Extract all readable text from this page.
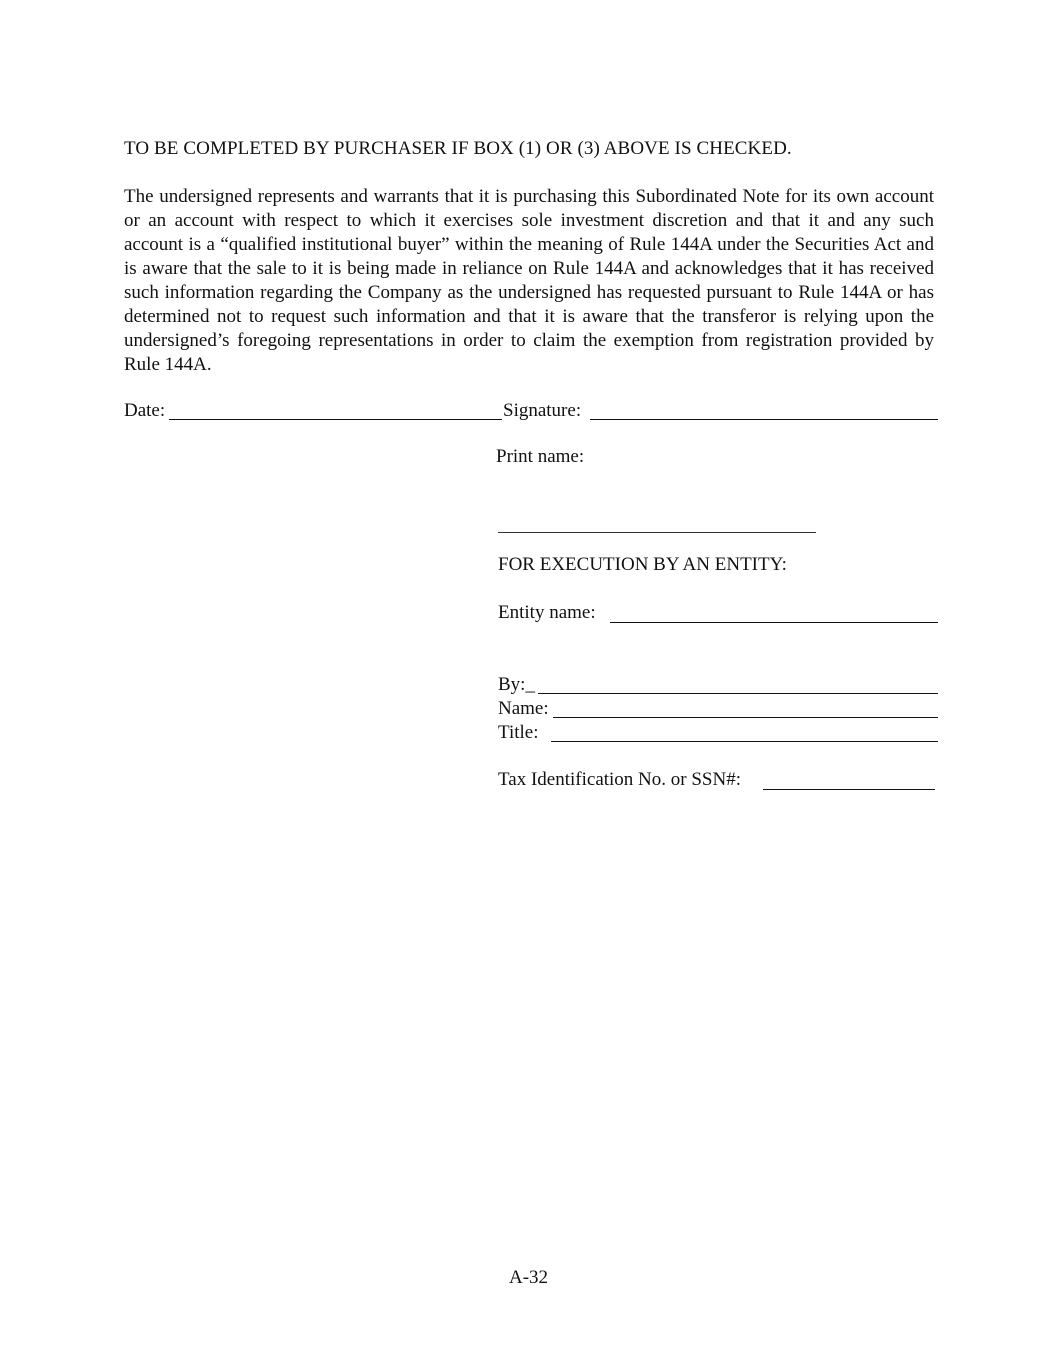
TO BE COMPLETED BY PURCHASER IF BOX (1) OR (3) ABOVE IS CHECKED.
The undersigned represents and warrants that it is purchasing this Subordinated Note for its own account or an account with respect to which it exercises sole investment discretion and that it and any such account is a “qualified institutional buyer” within the meaning of Rule 144A under the Securities Act and is aware that the sale to it is being made in reliance on Rule 144A and acknowledges that it has received such information regarding the Company as the undersigned has requested pursuant to Rule 144A or has determined not to request such information and that it is aware that the transferor is relying upon the undersigned’s foregoing representations in order to claim the exemption from registration provided by Rule 144A.
Date:	Signature:
Print name:
FOR EXECUTION BY AN ENTITY:
Entity name:
By:_
Name:
Title:
Tax Identification No. or SSN#:
A-32
